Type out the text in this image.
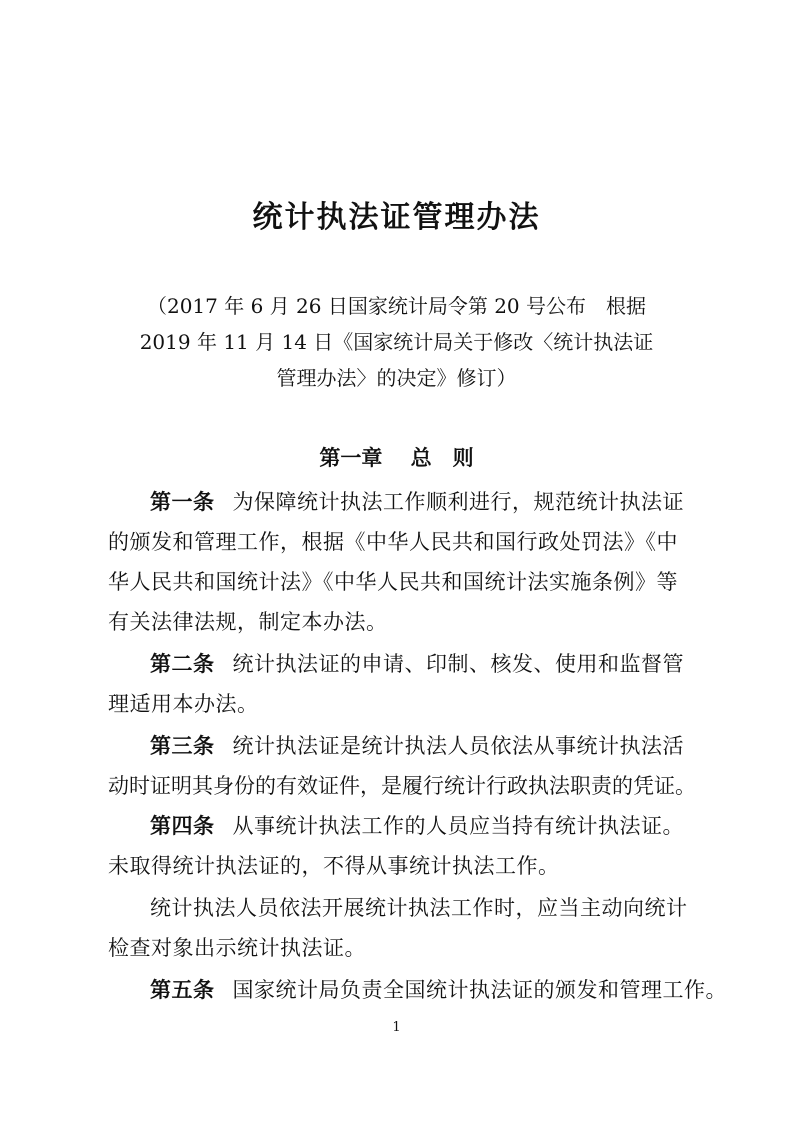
统计执法证管理办法
（2017 年 6 月 26 日国家统计局令第 20 号公布　根据
2019 年 11 月 14 日《国家统计局关于修改〈统计执法证
管理办法〉的决定》修订）
第一章　 总　则
第一条 为保障统计执法工作顺利进行，规范统计执法证
的颁发和管理工作，根据《中华人民共和国行政处罚法》《中
华人民共和国统计法》《中华人民共和国统计法实施条例》等
有关法律法规，制定本办法。
第二条 统计执法证的申请、印制、核发、使用和监督管
理适用本办法。
第三条 统计执法证是统计执法人员依法从事统计执法活
动时证明其身份的有效证件，是履行统计行政执法职责的凭证。
第四条 从事统计执法工作的人员应当持有统计执法证。
未取得统计执法证的，不得从事统计执法工作。
统计执法人员依法开展统计执法工作时，应当主动向统计
检查对象出示统计执法证。
第五条 国家统计局负责全国统计执法证的颁发和管理工作。
1
